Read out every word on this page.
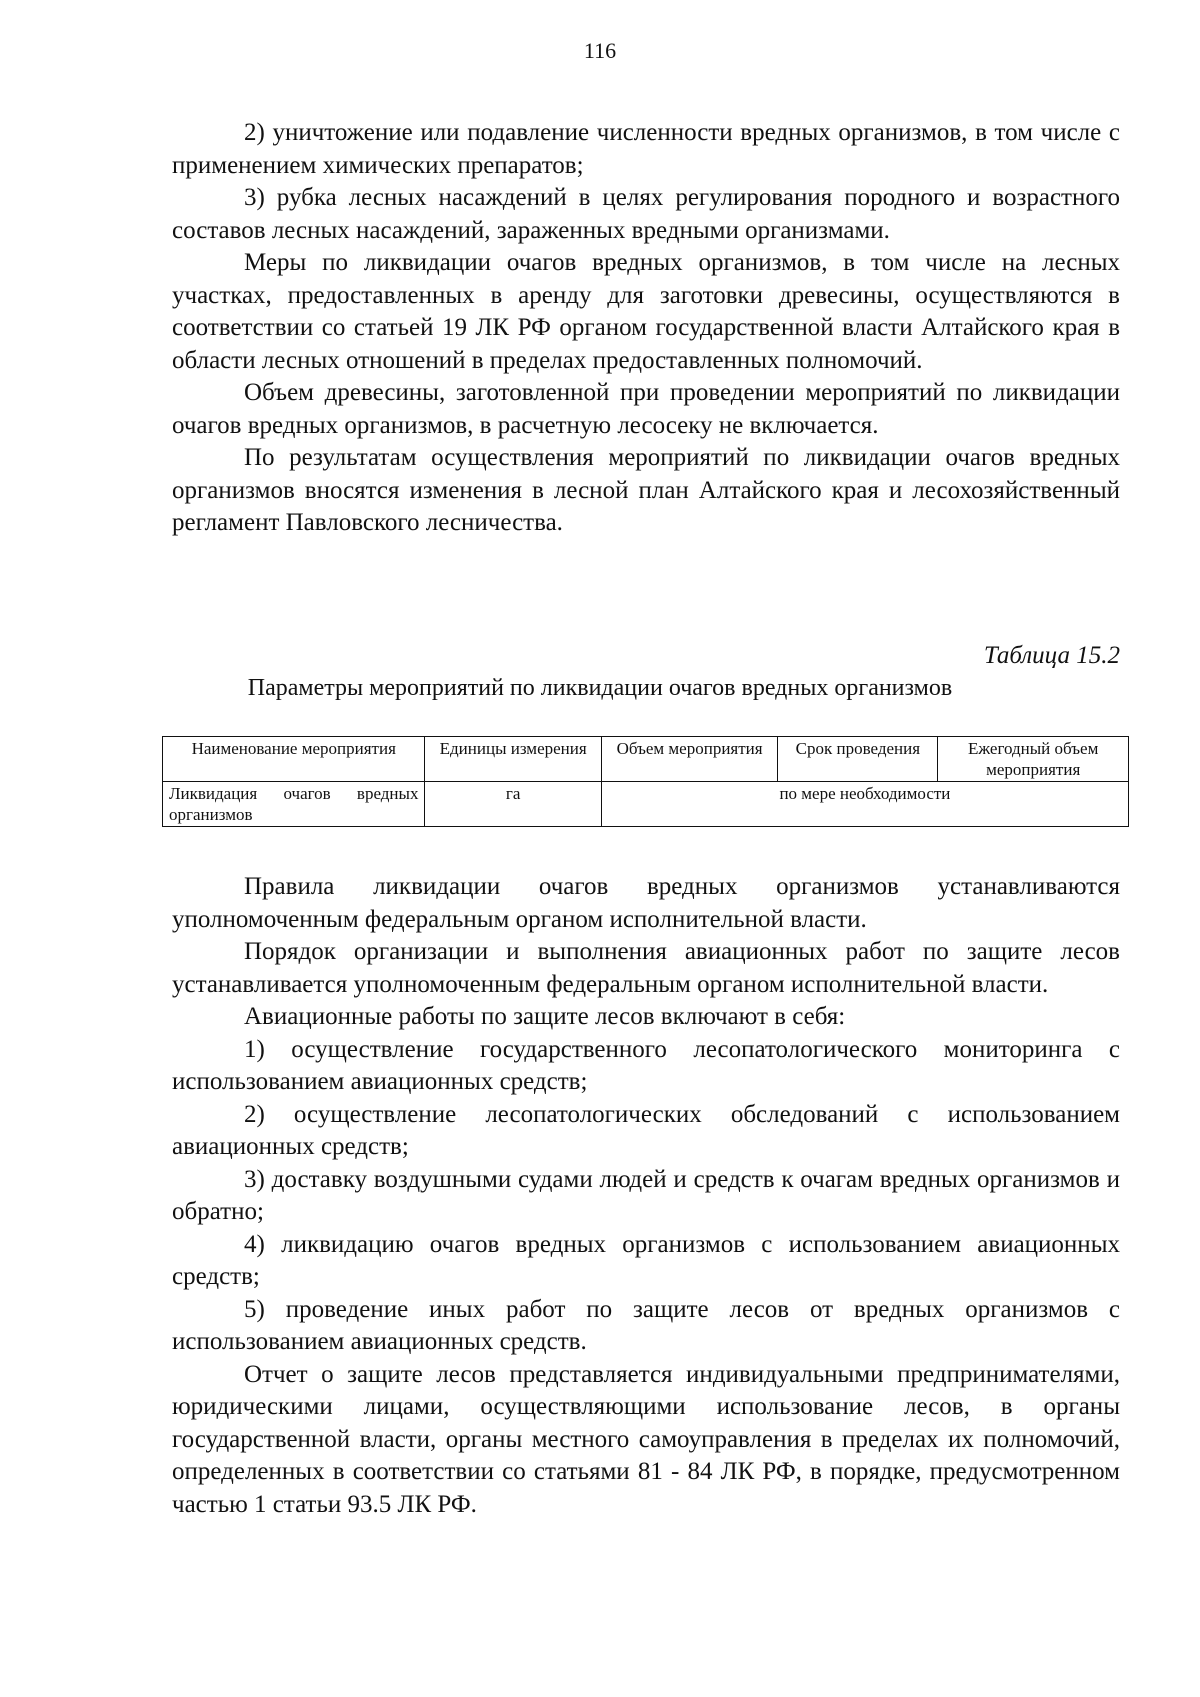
116

2) уничтожение или подавление численности вредных организмов, в том числе с применением химических препаратов;

3) рубка лесных насаждений в целях регулирования породного и возрастного составов лесных насаждений, зараженных вредными организмами.

Меры по ликвидации очагов вредных организмов, в том числе на лесных участках, предоставленных в аренду для заготовки древесины, осуществляются в соответствии со статьей 19 ЛК РФ органом государственной власти Алтайского края в области лесных отношений в пределах предоставленных полномочий.

Объем древесины, заготовленной при проведении мероприятий по ликвидации очагов вредных организмов, в расчетную лесосеку не включается.

По результатам осуществления мероприятий по ликвидации очагов вредных организмов вносятся изменения в лесной план Алтайского края и лесохозяйственный регламент Павловского лесничества.

Таблица 15.2
Параметры мероприятий по ликвидации очагов вредных организмов
Наименование мероприятия	Единицы измерения	Объем мероприятия	Срок проведения	Ежегодный объем мероприятия
Ликвидация очагов вредных организмов	га	по мере необходимости		

Правила ликвидации очагов вредных организмов устанавливаются уполномоченным федеральным органом исполнительной власти.

Порядок организации и выполнения авиационных работ по защите лесов устанавливается уполномоченным федеральным органом исполнительной власти.

Авиационные работы по защите лесов включают в себя:

1) осуществление государственного лесопатологического мониторинга с использованием авиационных средств;

2) осуществление лесопатологических обследований с использованием авиационных средств;

3) доставку воздушными судами людей и средств к очагам вредных организмов и обратно;

4) ликвидацию очагов вредных организмов с использованием авиационных средств;

5) проведение иных работ по защите лесов от вредных организмов с использованием авиационных средств.

Отчет о защите лесов представляется индивидуальными предпринимателями, юридическими лицами, осуществляющими использование лесов, в органы государственной власти, органы местного самоуправления в пределах их полномочий, определенных в соответствии со статьями 81 - 84 ЛК РФ, в порядке, предусмотренном частью 1 статьи 93.5 ЛК РФ.
